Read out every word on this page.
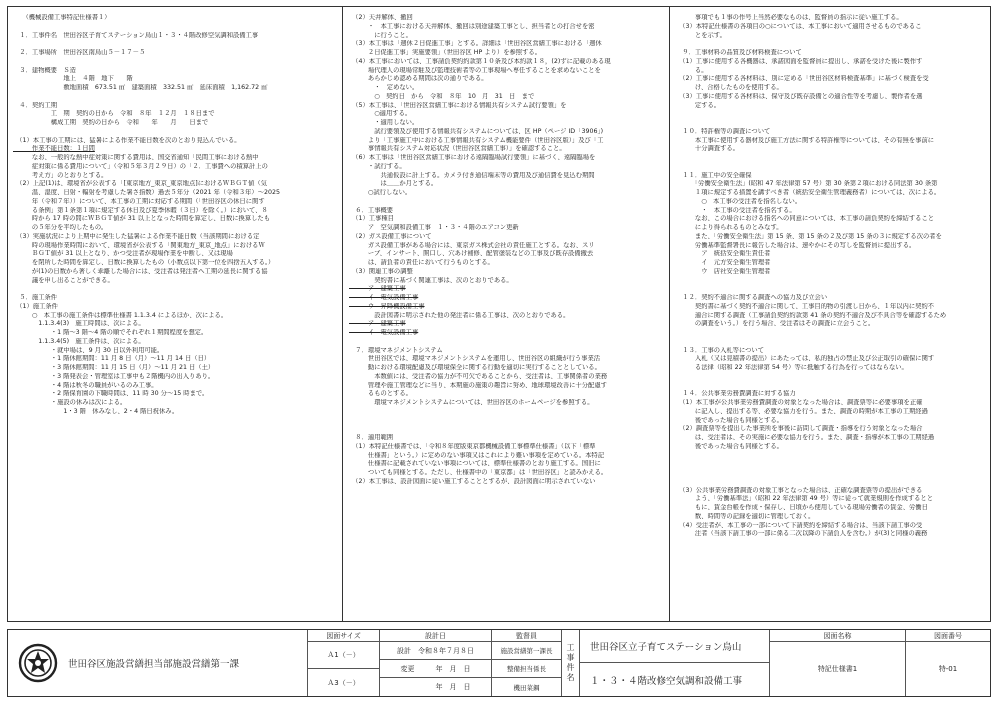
　　（機械設備工事特記仕様書１）

　１．工事件名　世田谷区子育てステーション烏山１・３・４階改修空気調和設備工事

　２．工事場所　世田谷区南烏山５－１７－５

　３．建物概要　Ｓ造
　　　　　　　　地上　４階　地下　　階
　　　　　　　　敷地面積　673.51 ㎡　建築面積　332.51 ㎡　延床面積　1,162.72 ㎡

　４．契約工期
　　　　　　工　期　契約の日から　令和　８年　１２月　１８日まで
　　　　　　構成工期　契約の日から　令和　　年　　月　　日まで

　（1）本工事の工期には、猛暑による作業不能日数を次のとおり見込んでいる。
　　　作業不能日数：１日間
　　　なお、一般的な熱中症対策に関する費用は、国交省通知「民間工事における熱中
　　　症対策に係る費用について」（令和５年３月２９日）の「２．工事費への積算計上の
　　　考え方」のとおりとする。
　（2）上記(1)は、環境省が公表する「[東京地方_東京_東京地点]におけるＷＢＧＴ値（気
　　　温、湿度、日射・輻射を考慮した暑さ指数）過去５年分（2021 年（令和３年）～2025
　　　年（令和７年））について、本工事の工期に対応する期間（「世田谷区の休日に関す
　　　る条例」第１条第１項に規定する休日及び夏季休暇（３日）を除く。）において、８
　　　時から 17 時の間にＷＢＧＴ値が 31 以上となった時間を算定し、日数に換算したも
　　　の５年分を平均したもの。
　（3）実施状況により上期中に発生した猛暑による作業不能日数（当該期間における定
　　　時の現場作業時間において、環境省が公表する「関東地方_東京_地点」におけるＷ
　　　ＢＧＴ値が 31 以上となり、かつ受注者が現場作業を中断し、又は現場
　　　を閉所した時間を算定し、日数に換算したもの（小数点以下第一位を四捨五入する。）
　　　が(1)の日数から著しく乖離した場合には、受注者は発注者へ工期の延長に関する協
　　　議を申し出ることができる。

　５．施工条件
　（1）施工条件
　　　○　本工事の施工条件は標準仕様書 1.1.3.4 によるほか、次による。
　　　　1.1.3.4(3)　施工時間は、次による。
　　　　　　・1 階～3 階～4 階の順でそれぞれ１期間程度を想定。
　　　　1.1.3.4(5)　施工条件は、次による。
　　　　　　・就中場は、9 月 30 日以外利用可能。
　　　　　　・1 階休館期間：11 月 8 日（月）～11 月 14 日（日）
　　　　　　・3 階休館期間：11 月 15 日（月）～11 月 21 日（土）
　　　　　　・3 階発表会・管理室は工事中も２階機内の出入りあり。
　　　　　　・4 階は秋冬の職員がいるのみ工事。
　　　　　　・2 階保育園の下職時間は、11 時 30 分～15 時まで。
　　　　　　・施設の休みは次による。
　　　　　　　　1・3 階　休みなし、2・4 階日祝休み。
　（2）天井解体、撤回
　　　・　本工事における天井解体、撤回は別途建築工事とし、担当者との打合せを密
　　　　に行うこと。
　（3）本工事は「週休２日促進工事」とする。詳細は「世田谷区営繕工事における「週休
　　　２日促進工事」実施要領」（世田谷区 HP より）を参照する。
　（4）本工事においては、工事請負契約約款第１０条及び本約款１８，(2)ずに記載のある現
　　　場代理人の現場常駐及び監理技術者等の工事現場へ専任することを求めないことを
　　　あらかじめ認める期間は次の通りである。
　　　　・　定めない。
　　　　○　契約日　から　令和　８年　10　月　31　日　まで
　（5）本工事は、「世田谷区営繕工事における情報共有システム試行要領」を
　　　　○適用する。
　　　　・適用しない。
　　　　試行要領及び使用する情報共有システムについては、区 HP（ページ ID「3906」)
　　　より「工事施工中における工事情報共有システム機能要件（世田谷区版）」及び「工
　　　事情報共有システム対応状況（世田谷区営繕工事）」を確認すること。
　（6）本工事は「世田谷区営繕工事における遠隔臨場試行要領」に基づく、遠隔臨場を
　　　・試行する。
　　　　　共通仮設に計上する。カメラ付き通信端末等の費用及び通信費を見込む期間
　　　　　は＿＿か月とする。
　　　○試行しない。

　６．工事概要
　（1）工事種目
　　　ア　空気調和設備工事　１・３・４階のエアコン更新
　（2）ガス設備工事について
　　　ガス設備工事がある場合には、東京ガス株式会社の責任施工とする。なお、スリ
　　　ーブ、インサート、開口し、穴あけ補修、配管塗装などの工事及び既存設備撤去
　　　は、請負者の責任において行うものとする。
　（3）関連工事の調整
　　　　契約書に基づく関連工事は、次のとおりである。
　　　ア　建築工事
　　　イ　電気設備工事
　　　ウ　昇降機設備工事
　　　　設計図書に明示された他の発注者に係る工事は、次のとおりである。
　　　ア　建築工事
　　　イ　電気設備工事

　７．環境マネジメントシステム
　　　世田谷区では、環境マネジメントシステムを運用し、世田谷区の組織が行う事業活
　　　動における環境配慮及び環境保全に関する行動を適切に実行することとしている。
　　　　本数値には、受注者の協力が不可欠であることから、受注者は、工事関係者の業務
　　　管理や施工管理などに当り、本期施の施策の趣旨に努め、地球環境改善に十分配慮す
　　　るものとする。
　　　　環境マネジメントシステムについては、世田谷区のホームページを参照する。

　８．適用範囲
　（1）本特記仕様書では、「令和８年度版東京都機械設備工事標準仕様書」（以下「標準
　　　仕様書」という。）に定めのない事項又はこれにより難い事項を定めている。本特記
　　　仕様書に記載されていない事項については、標準仕様書のとおり施工する。国旧に
　　　ついても同様とする。ただし、仕様書中の「東京都」は「世田谷区」と読みかえる。
　（2）本工事は、設計図面に従い施工することとするが、設計図面に明示されていない
　　　事項でも１事の作号上当然必要なものは、監督員の指示に従い施工する。
　（3）本特記仕様書の各項目の○については、本工事において適用させるものであるこ
　　　とを示す。

　９．工事材料の品質及び材料検査について
　（1）工事に使用する各機器は、承諾図面を監督員に提出し、承諾を受けた後に製作す
　　　る。
　（2）工事に使用する各材料は、別に定める「世田谷区材料検査基準」に基づく検査を受
　　　け、合格したものを使用する。
　（3）工事に使用する各材料は、保守及び既存設備との適合性等を考慮し、製作者を選
　　　定する。

　１０．特許権等の調査について
　　　本工事に使用する器材及び施工方法に関する特許権等については、その有無を事前に
　　　十分調査する。

　１１．施工中の安全確保
　　　「労働安全衛生法」(昭和 47 年法律第 57 号）第 30 条第２項における同法第 30 条第
　　　１項に規定する措置を講ずべき者（統括安全衛生管理義務者）については、次による。
　　　　○　本工事の受注者を指名しない。
　　　　・　本工事の受注者を指名する。
　　　なお、この場合における指名への同意については、本工事の請負契約を締結すること
　　　により得られるものとみなす。
　　　また、「労働安全衛生法」第 15 条、第 15 条の２及び第 15 条の３に規定する次の者を
　　　労働基準監督署長に報告した場合は、速やかにその写しを監督員に提出する。
　　　　ア　統括安全衛生責任者
　　　　イ　元方安全衛生管理者
　　　　ウ　店社安全衛生管理者

　１２．契約不適合に関する調査への協力及び立会い
　　　契約書に基づく契約不適合に関して、工事目的物の引渡し日から、１年以内に契約不
　　　適合に関する調査（工事請負契約約款第 41 条の契約不適合及び不具合等を確認するため
　　　の調査をいう。）を行う場合、受注者はその調査に立会うこと。

　１３．工事の入札等について
　　　入札（又は見積書の提出）にあたっては、私的独占の禁止及び公正取引の確保に関す
　　　る法律（昭和 22 年法律第 54 号）等に抵触する行為を行ってはならない。

　１４．公共事業労務費調査に対する協力
　（1）本工事が公共事業労務費調査の対象となった場合は、調査票等に必要事項を正確
　　　に記入し、提出する等、必要な協力を行う。また、調査の時期が本工事の工期経過
　　　後であった場合も同様とする。
　（2）調査票等を提出した事業所を事後に訪問して調査・指導を行う対象となった場合
　　　は、受注者は、その実施に必要な協力を行う。また、調査・指導が本工事の工期経過
　　　後であった場合も同様とする。

　（3）公共事業労務費調査の対象工事となった場合は、正確な調査票等の提出ができる
　　　よう、「労働基準法」（昭和 22 年法律第 49 号）等に従って就業規則を作成するとと
　　　もに、賃金台帳を作成・保存し、日頃から使用している現場労働者の賃金、労働日
　　　数、時間等の記録を適切に管理しておく。
　（4）受注者が、本工事の一部について下請契約を締結する場合は、当該下請工事の受
　　　注者（当該下請工事の一部に係る二次以降の下請負人を含む。）が(3)と同様の義務
世田谷区施設営繕担当部施設営繕第一課
図面サイズ
Ａ1（－）
Ａ3（－）
設計日
設計　令和８年７月８日
変更　　　年　月　日
　　　　　年　月　日
監督員
施設営繕第一課長
整備担当係長
機田菜鋼
工事件名 世田谷区立子育てステーション烏山
１・３・４階改修空気調和設備工事
図面名称
特記仕様書1
図面番号
特-01
